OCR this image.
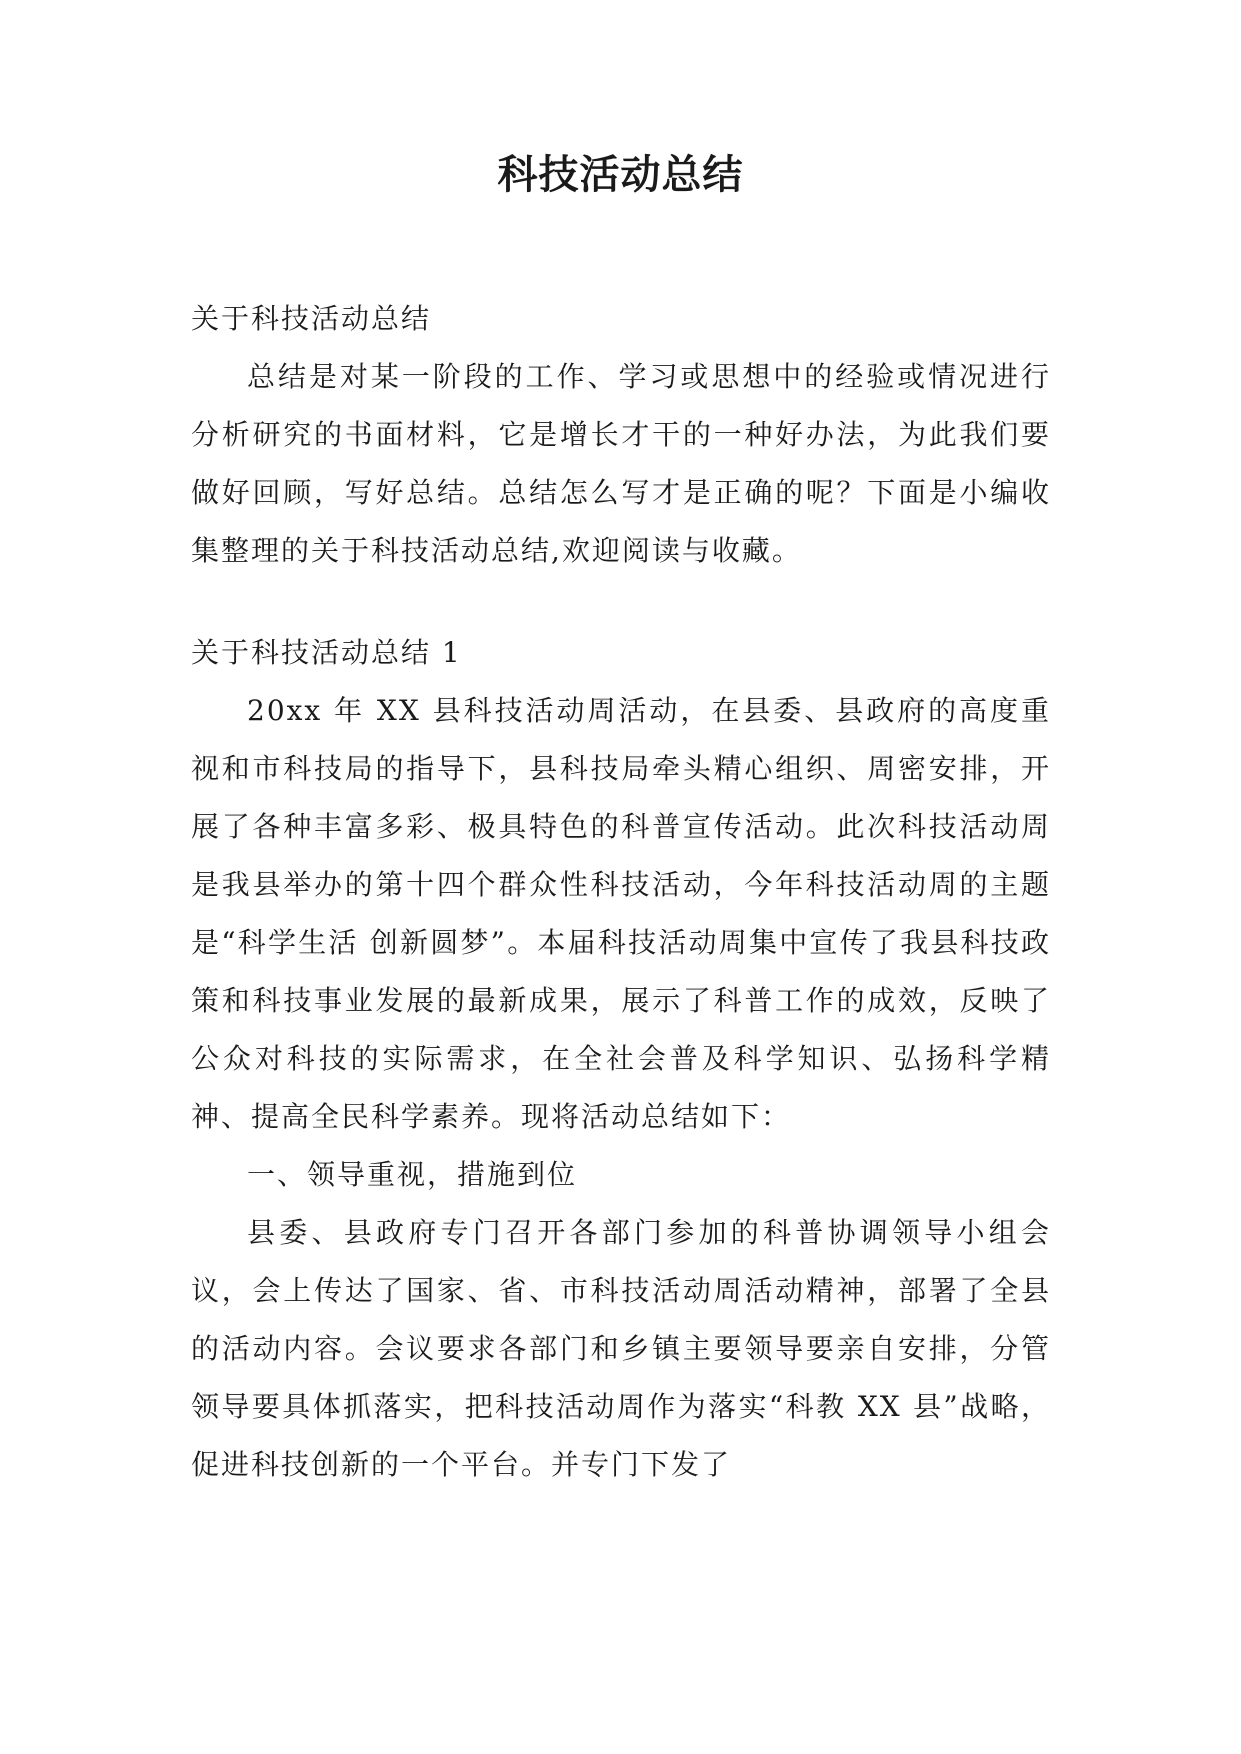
科技活动总结

关于科技活动总结

总结是对某一阶段的工作、学习或思想中的经验或情况进行分析研究的书面材料，它是增长才干的一种好办法，为此我们要做好回顾，写好总结。总结怎么写才是正确的呢？下面是小编收集整理的关于科技活动总结,欢迎阅读与收藏。

关于科技活动总结 1

20xx 年 XX 县科技活动周活动，在县委、县政府的高度重视和市科技局的指导下，县科技局牵头精心组织、周密安排，开展了各种丰富多彩、极具特色的科普宣传活动。此次科技活动周是我县举办的第十四个群众性科技活动，今年科技活动周的主题是“科学生活 创新圆梦”。本届科技活动周集中宣传了我县科技政策和科技事业发展的最新成果，展示了科普工作的成效，反映了公众对科技的实际需求，在全社会普及科学知识、弘扬科学精神、提高全民科学素养。现将活动总结如下：

一、领导重视，措施到位

县委、县政府专门召开各部门参加的科普协调领导小组会议，会上传达了国家、省、市科技活动周活动精神，部署了全县的活动内容。会议要求各部门和乡镇主要领导要亲自安排，分管领导要具体抓落实，把科技活动周作为落实“科教 XX 县”战略，促进科技创新的一个平台。并专门下发了
